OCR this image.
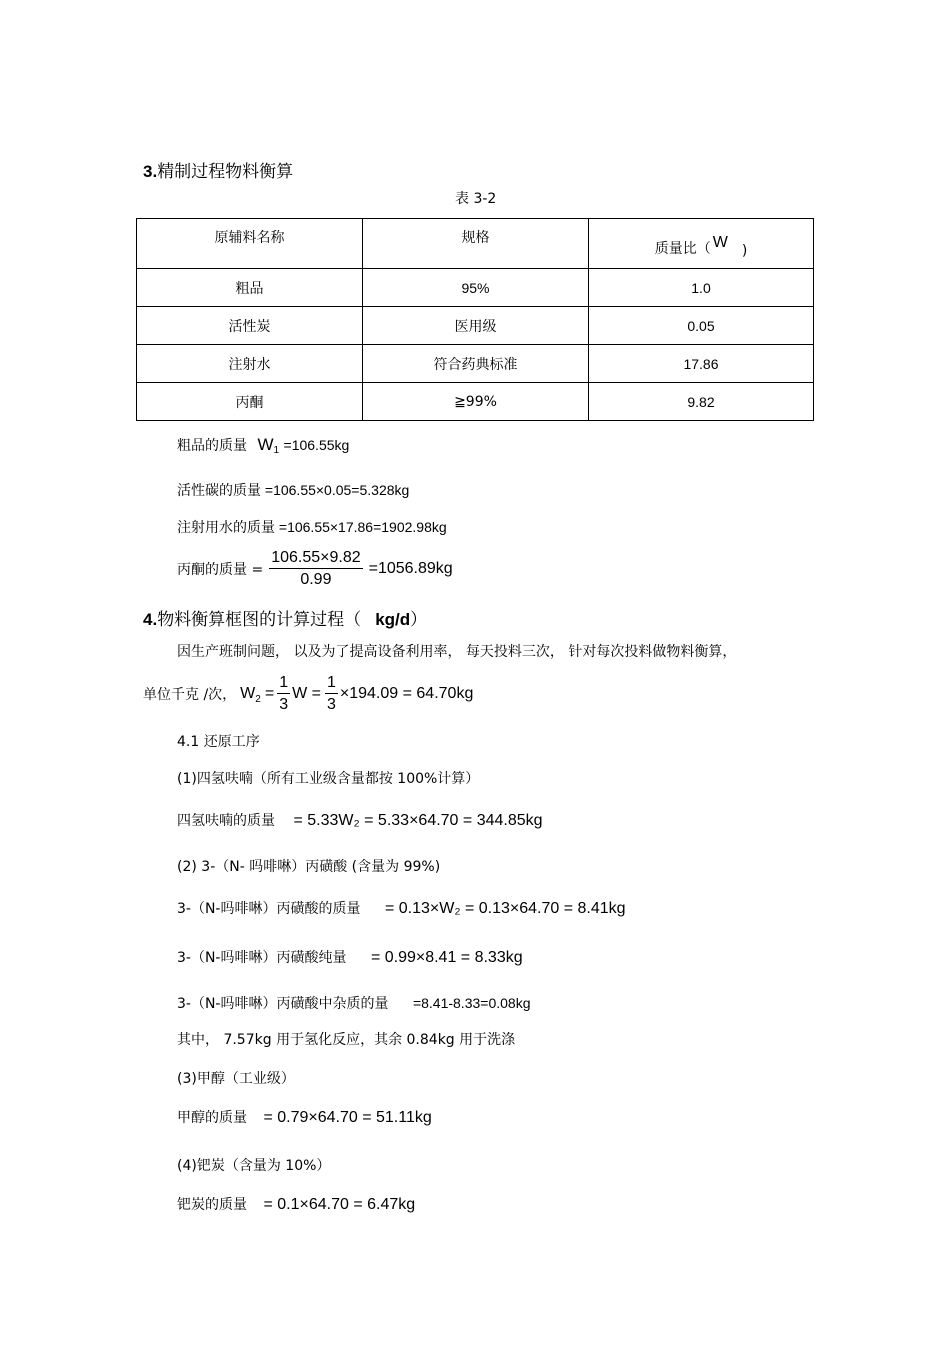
3.精制过程物料衡算
表 3-2
原辅料名称	规格	质量比（ W )
粗品	95%	1.0
活性炭	医用级	0.05
注射水	符合药典标准	17.86
丙酮	≧99%	9.82
粗品的质量 $W_1 =106.55kg$
活性碳的质量 =106.55×0.05=5.328kg
注射用水的质量 =106.55×17.86=1902.98kg
丙酮的质量 = $\frac{106.55\times 9.82}{0.99} =1056.89kg$
4.物料衡算框图的计算过程（ kg/d）
因生产班制问题， 以及为了提高设备利用率， 每天投料三次， 针对每次投料做物料衡算，
单位千克 /次， W $2 = \frac{1}{3}$ $W = \frac{1}{3} \times 194.09 = 64.70kg$
4.1 还原工序
(1)四氢呋喃（所有工业级含量都按 100%计算）
四氢呋喃的质量 = 5.33W₂ = 5.33×64.70 = 344.85kg
(2) 3-（N- 吗啡啉）丙磺酸 (含量为 99%)
3-（N-吗啡啉）丙磺酸的质量 = 0.13×W₂ = 0.13×64.70 = 8.41kg
3-（N-吗啡啉）丙磺酸纯量 = 0.99×8.41 = 8.33kg
3-（N-吗啡啉）丙磺酸中杂质的量 =8.41-8.33=0.08kg
其中， 7.57kg 用于氢化反应，其余 0.84kg 用于洗涤
(3)甲醇（工业级）
甲醇的质量 = 0.79×64.70 = 51.11kg
(4)钯炭（含量为 10%）
钯炭的质量 = 0.1×64.70 = 6.47kg
